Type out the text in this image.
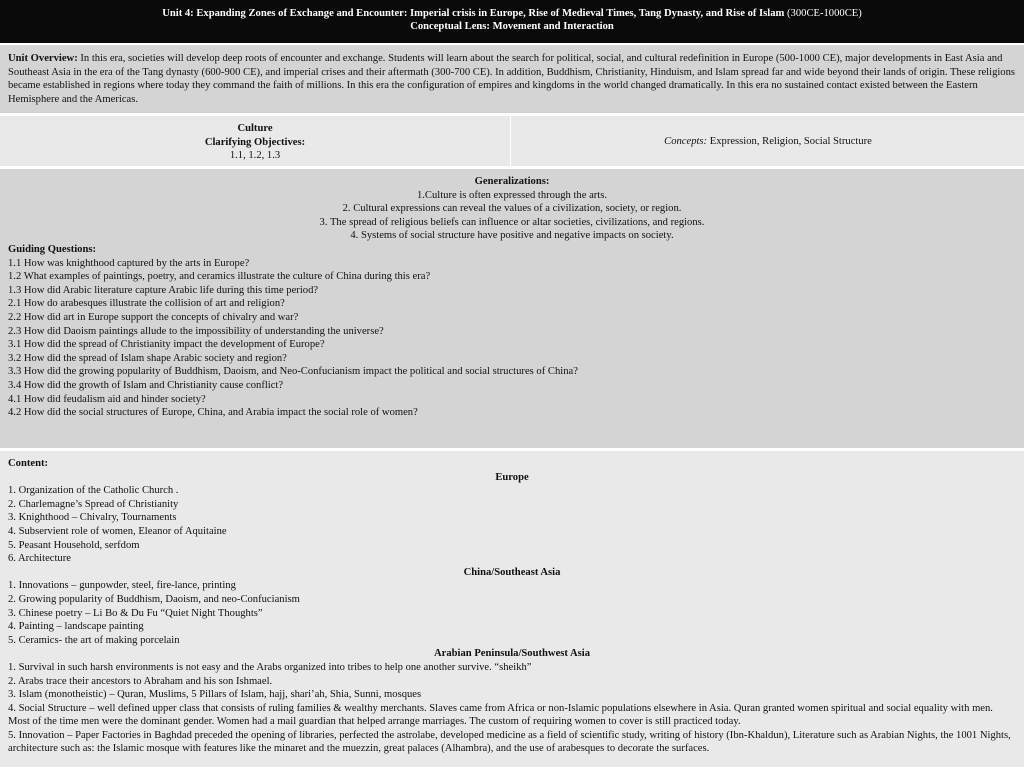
Unit 4: Expanding Zones of Exchange and Encounter: Imperial crisis in Europe, Rise of Medieval Times, Tang Dynasty, and Rise of Islam (300CE-1000CE)
Conceptual Lens: Movement and Interaction
Unit Overview: In this era, societies will develop deep roots of encounter and exchange. Students will learn about the search for political, social, and cultural redefinition in Europe (500-1000 CE), major developments in East Asia and Southeast Asia in the era of the Tang dynasty (600-900 CE), and imperial crises and their aftermath (300-700 CE). In addition, Buddhism, Christianity, Hinduism, and Islam spread far and wide beyond their lands of origin. These religions became established in regions where today they command the faith of millions. In this era the configuration of empires and kingdoms in the world changed dramatically. In this era no sustained contact existed between the Eastern Hemisphere and the Americas.
Culture
Clarifying Objectives:
1.1, 1.2, 1.3
Concepts: Expression, Religion, Social Structure
Generalizations:
1.Culture is often expressed through the arts.
2. Cultural expressions can reveal the values of a civilization, society, or region.
3. The spread of religious beliefs can influence or altar societies, civilizations, and regions.
4. Systems of social structure have positive and negative impacts on society.
Guiding Questions:
1.1 How was knighthood captured by the arts in Europe?
1.2 What examples of paintings, poetry, and ceramics illustrate the culture of China during this era?
1.3 How did Arabic literature capture Arabic life during this time period?
2.1 How do arabesques illustrate the collision of art and religion?
2.2 How did art in Europe support the concepts of chivalry and war?
2.3 How did Daoism paintings allude to the impossibility of understanding the universe?
3.1 How did the spread of Christianity impact the development of Europe?
3.2 How did the spread of Islam shape Arabic society and region?
3.3 How did the growing popularity of Buddhism, Daoism, and Neo-Confucianism impact the political and social structures of China?
3.4 How did the growth of Islam and Christianity cause conflict?
4.1 How did feudalism aid and hinder society?
4.2 How did the social structures of Europe, China, and Arabia impact the social role of women?
Content:
Europe
1. Organization of the Catholic Church .
2. Charlemagne’s Spread of Christianity
3. Knighthood – Chivalry, Tournaments
4. Subservient role of women, Eleanor of Aquitaine
5. Peasant Household, serfdom
6. Architecture
China/Southeast Asia
1. Innovations – gunpowder, steel, fire-lance, printing
2. Growing popularity of Buddhism, Daoism, and neo-Confucianism
3. Chinese poetry – Li Bo & Du Fu “Quiet Night Thoughts”
4. Painting – landscape painting
5. Ceramics- the art of making porcelain
Arabian Peninsula/Southwest Asia
1. Survival in such harsh environments is not easy and the Arabs organized into tribes to help one another survive. “sheikh”
2. Arabs trace their ancestors to Abraham and his son Ishmael.
3. Islam (monotheistic) – Quran, Muslims, 5 Pillars of Islam, hajj, shari’ah, Shia, Sunni, mosques
4. Social Structure – well defined upper class that consists of ruling families & wealthy merchants. Slaves came from Africa or non-Islamic populations elsewhere in Asia. Quran granted women spiritual and social equality with men. Most of the time men were the dominant gender. Women had a mail guardian that helped arrange marriages. The custom of requiring women to cover is still practiced today.
5. Innovation – Paper Factories in Baghdad preceded the opening of libraries, perfected the astrolabe, developed medicine as a field of scientific study, writing of history (Ibn-Khaldun), Literature such as Arabian Nights, the 1001 Nights, architecture such as: the Islamic mosque with features like the minaret and the muezzin, great palaces (Alhambra), and the use of arabesques to decorate the surfaces.
